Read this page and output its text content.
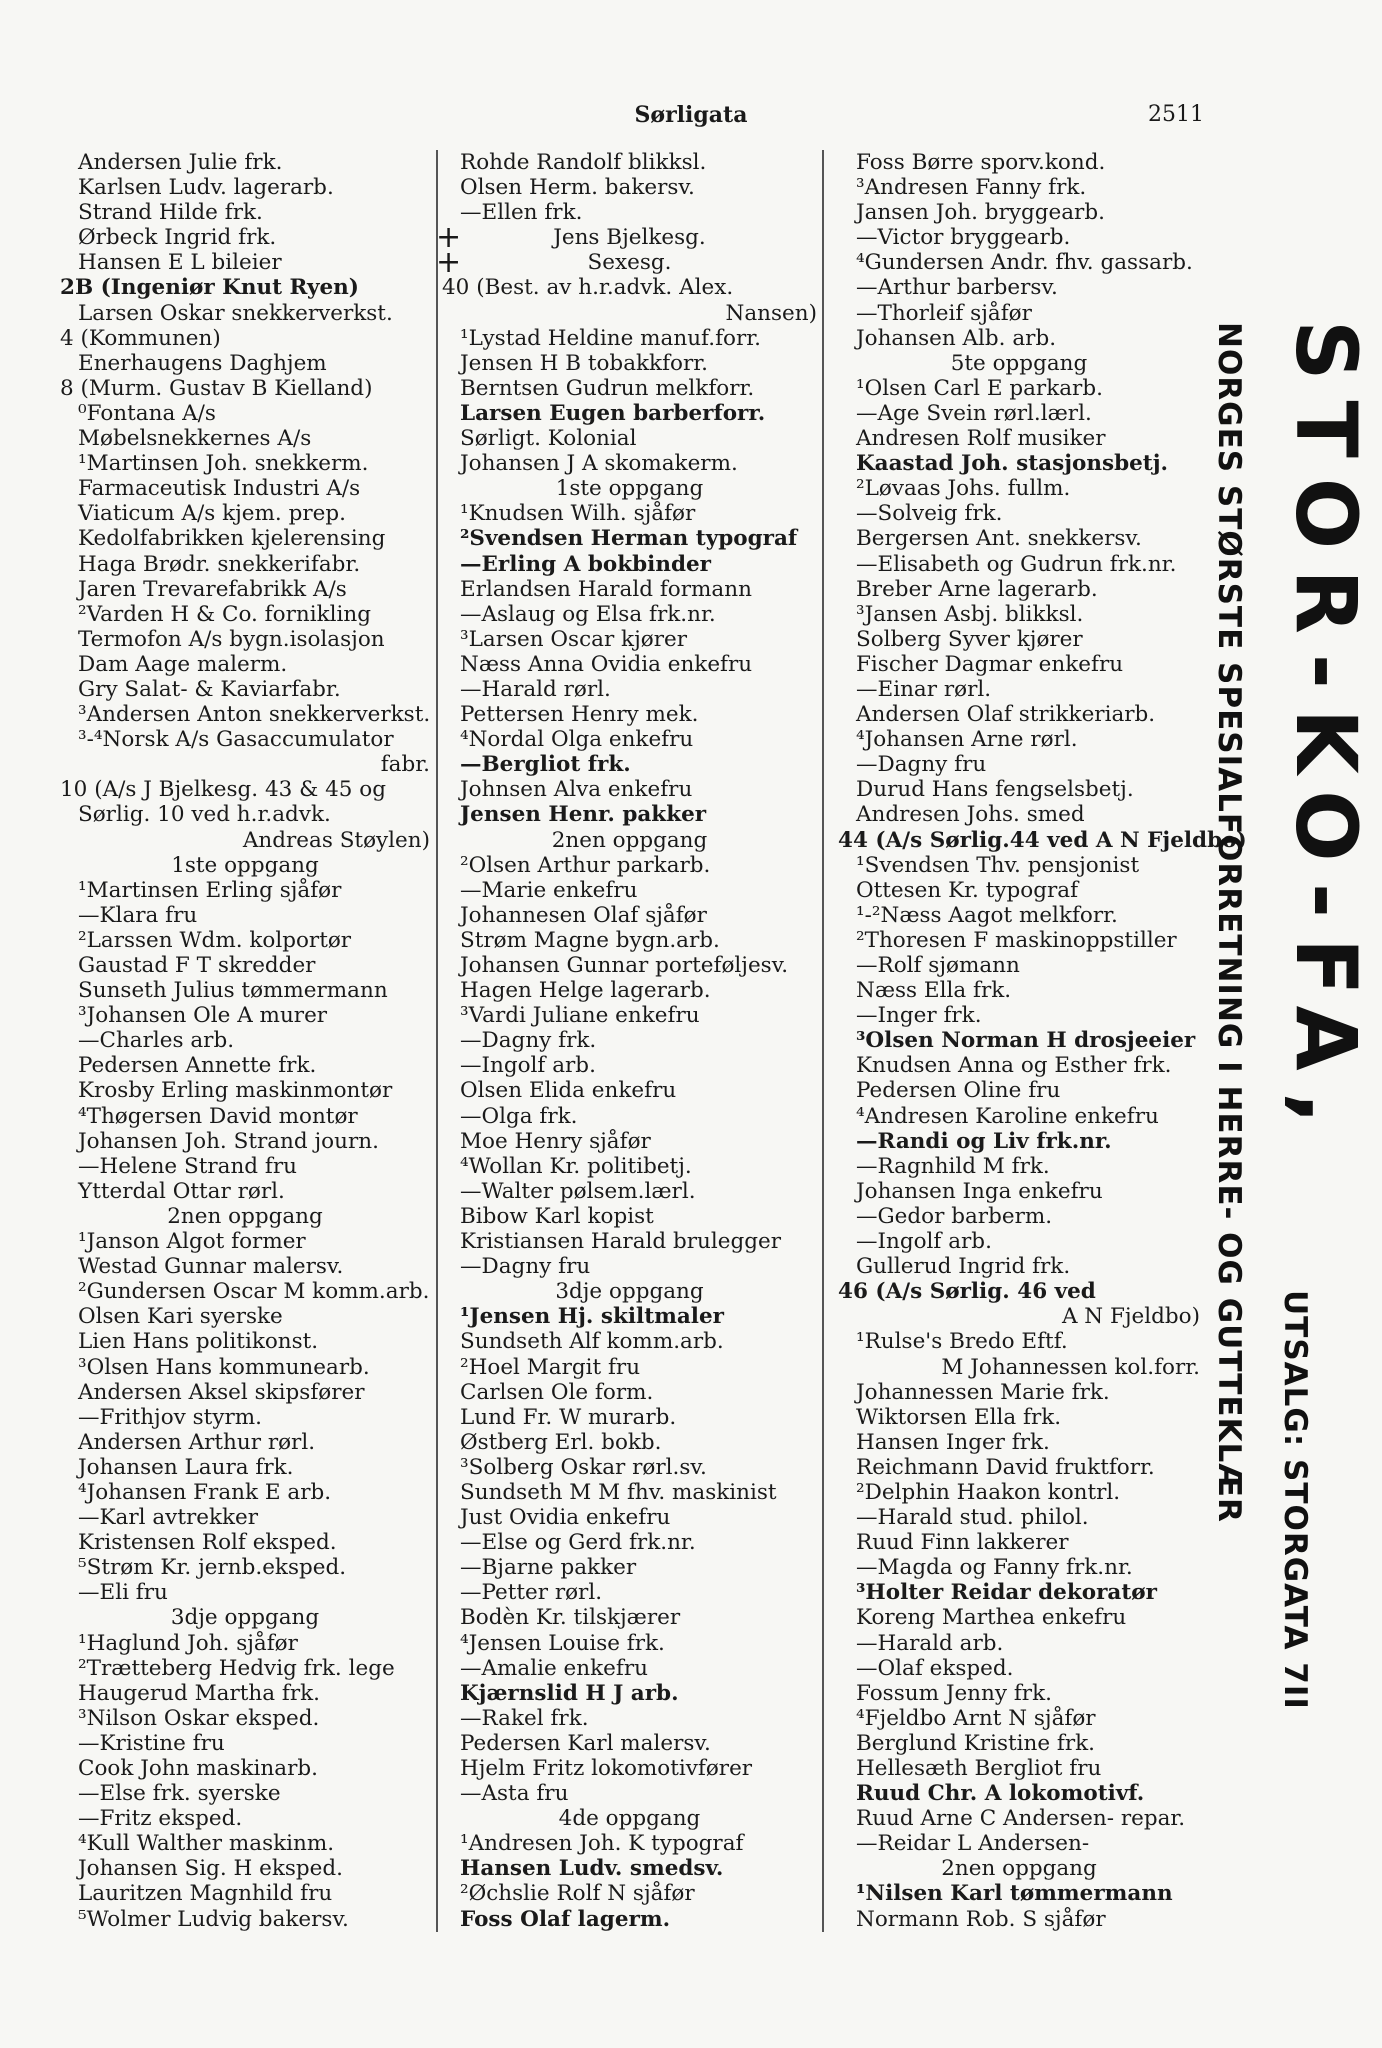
Sørligata	2511
Andersen Julie frk.
Karlsen Ludv. lagerarb.
Strand Hilde frk.
Ørbeck Ingrid frk.
Hansen E L bileier
2B (Ingeniør Knut Ryen)
Larsen Oskar snekkerverkst.
4 (Kommunen)
Enerhaugens Daghjem
8 (Murm. Gustav B Kielland)
⁰Fontana A/s
Møbelsnekkernes A/s
¹Martinsen Joh. snekkerm.
Farmaceutisk Industri A/s
Viaticum A/s kjem. prep.
Kedolfabrikken kjelerensing
Haga Brødr. snekkerifabr.
Jaren Trevarefabrikk A/s
²Varden H & Co. fornikling
Termofon A/s bygn.isolasjon
Dam Aage malerm.
Gry Salat- & Kaviarfabr.
³Andersen Anton snekkerverkst.
³-⁴Norsk A/s Gasaccumulator
fabr.
10 (A/s J Bjelkesg. 43 & 45 og
Sørlig. 10 ved h.r.advk.
Andreas Støylen)
1ste oppgang
¹Martinsen Erling sjåfør
—Klara fru
²Larssen Wdm. kolportør
Gaustad F T skredder
Sunseth Julius tømmermann
³Johansen Ole A murer
—Charles arb.
Pedersen Annette frk.
Krosby Erling maskinmontør
⁴Thøgersen David montør
Johansen Joh. Strand journ.
—Helene Strand fru
Ytterdal Ottar rørl.
2nen oppgang
¹Janson Algot former
Westad Gunnar malersv.
²Gundersen Oscar M komm.arb.
Olsen Kari syerske
Lien Hans politikonst.
³Olsen Hans kommunearb.
Andersen Aksel skipsfører
—Frithjov styrm.
Andersen Arthur rørl.
Johansen Laura frk.
⁴Johansen Frank E arb.
—Karl avtrekker
Kristensen Rolf eksped.
⁵Strøm Kr. jernb.eksped.
—Eli fru
3dje oppgang
¹Haglund Joh. sjåfør
²Trætteberg Hedvig frk. lege
Haugerud Martha frk.
³Nilson Oskar eksped.
—Kristine fru
Cook John maskinarb.
—Else frk. syerske
—Fritz eksped.
⁴Kull Walther maskinm.
Johansen Sig. H eksped.
Lauritzen Magnhild fru
⁵Wolmer Ludvig bakersv.
Rohde Randolf blikksl.
Olsen Herm. bakersv.
—Ellen frk.
Jens Bjelkesg.
Sexesg.
40 (Best. av h.r.advk. Alex.
Nansen)
¹Lystad Heldine manuf.forr.
Jensen H B tobakkforr.
Berntsen Gudrun melkforr.
Larsen Eugen barberforr.
Sørligt. Kolonial
Johansen J A skomakerm.
1ste oppgang
¹Knudsen Wilh. sjåfør
²Svendsen Herman typograf
—Erling A bokbinder
Erlandsen Harald formann
—Aslaug og Elsa frk.nr.
³Larsen Oscar kjører
Næss Anna Ovidia enkefru
—Harald rørl.
Pettersen Henry mek.
⁴Nordal Olga enkefru
—Bergliot frk.
Johnsen Alva enkefru
Jensen Henr. pakker
2nen oppgang
²Olsen Arthur parkarb.
—Marie enkefru
Johannesen Olaf sjåfør
Strøm Magne bygn.arb.
Johansen Gunnar porteføljesv.
Hagen Helge lagerarb.
³Vardi Juliane enkefru
—Dagny frk.
—Ingolf arb.
Olsen Elida enkefru
—Olga frk.
Moe Henry sjåfør
⁴Wollan Kr. politibetj.
—Walter pølsem.lærl.
Bibow Karl kopist
Kristiansen Harald brulegger
—Dagny fru
3dje oppgang
¹Jensen Hj. skiltmaler
Sundseth Alf komm.arb.
²Hoel Margit fru
Carlsen Ole form.
Lund Fr. W murarb.
Østberg Erl. bokb.
³Solberg Oskar rørl.sv.
Sundseth M M fhv. maskinist
Just Ovidia enkefru
—Else og Gerd frk.nr.
—Bjarne pakker
—Petter rørl.
Bodèn Kr. tilskjærer
⁴Jensen Louise frk.
—Amalie enkefru
Kjærnslid H J arb.
—Rakel frk.
Pedersen Karl malersv.
Hjelm Fritz lokomotivfører
—Asta fru
4de oppgang
¹Andresen Joh. K typograf
Hansen Ludv. smedsv.
²Øchslie Rolf N sjåfør
Foss Olaf lagerm.
Foss Børre sporv.kond.
³Andresen Fanny frk.
Jansen Joh. bryggearb.
—Victor bryggearb.
⁴Gundersen Andr. fhv. gassarb.
—Arthur barbersv.
—Thorleif sjåfør
Johansen Alb. arb.
5te oppgang
¹Olsen Carl E parkarb.
—Age Svein rørl.lærl.
Andresen Rolf musiker
Kaastad Joh. stasjonsbetj.
²Løvaas Johs. fullm.
—Solveig frk.
Bergersen Ant. snekkersv.
—Elisabeth og Gudrun frk.nr.
Breber Arne lagerarb.
³Jansen Asbj. blikksl.
Solberg Syver kjører
Fischer Dagmar enkefru
—Einar rørl.
Andersen Olaf strikkeriarb.
⁴Johansen Arne rørl.
—Dagny fru
Durud Hans fengselsbetj.
Andresen Johs. smed
44 (A/s Sørlig.44 ved A N Fjeldbo)
¹Svendsen Thv. pensjonist
Ottesen Kr. typograf
¹-²Næss Aagot melkforr.
²Thoresen F maskinoppstiller
—Rolf sjømann
Næss Ella frk.
—Inger frk.
³Olsen Norman H drosjeeier
Knudsen Anna og Esther frk.
Pedersen Oline fru
⁴Andresen Karoline enkefru
—Randi og Liv frk.nr.
—Ragnhild M frk.
Johansen Inga enkefru
—Gedor barberm.
—Ingolf arb.
Gullerud Ingrid frk.
46 (A/s Sørlig. 46 ved
A N Fjeldbo)
¹Rulse's Bredo Eftf.
M Johannessen kol.forr.
Johannessen Marie frk.
Wiktorsen Ella frk.
Hansen Inger frk.
Reichmann David fruktforr.
²Delphin Haakon kontrl.
—Harald stud. philol.
Ruud Finn lakkerer
—Magda og Fanny frk.nr.
³Holter Reidar dekoratør
Koreng Marthea enkefru
—Harald arb.
—Olaf eksped.
Fossum Jenny frk.
⁴Fjeldbo Arnt N sjåfør
Berglund Kristine frk.
Hellesæth Bergliot fru
Ruud Chr. A lokomotivf.
Ruud Arne C Andersen- repar.
—Reidar L Andersen-
2nen oppgang
¹Nilsen Karl tømmermann
Normann Rob. S sjåfør
+
+
STOR-KO-FA,
NORGES STØRSTE SPESIALFORRETNING I HERRE- OG GUTTEKLÆR UTSALG: STORGATA 7II
